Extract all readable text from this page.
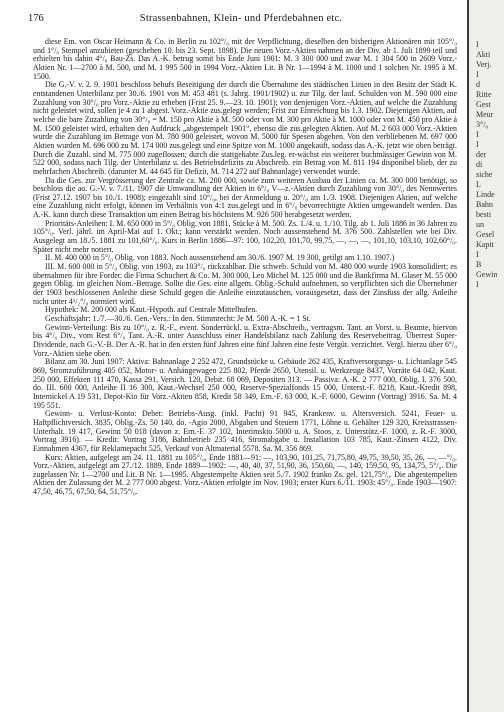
176	Strassenbahnen, Klein- und Pferdebahnen etc.

diese Em. von Oscar Heimann & Co. in Berlin zu 102°/₀ mit der Verpflichtung, dieselben den bisherigen Aktionären mit 105°/₀ und 1°/₀ Stempel anzubieten (geschehen 10. bis 23. Sept. 1898). Die neuen Vorz.-Aktien nahmen an der Div. ab 1. Juli 1899 teil und erhielten bis dahin 4°/₀ Bau-Zs. Das A.-K. betrug somit bis Ende Juni 1901: M. 3 300 000 und zwar M. 1 304 500 in 2609 Vorz.-Aktien Nr. 1—2700 à M. 500, und M. 1 995 500 in 1994 Vorz.-Aktien Lit. B Nr. 1—1994 à M. 1000 und 1 solchen Nr. 1995 à M. 1500.

Die G.-V. v. 2. 9. 1901 beschloss behufs Beseitigung der durch die Übernahme des städtischen Linien in den Besitz der Stadt K. entstandenen Unterbilanz per 30./6. 1901 von M. 453 481 (s. Jahrg. 1901/1902) u. zur Tilg. der lauf. Schulden von M. 590 000 eine Zuzahlung von 30°/₀ pro Vorz.-Aktie zu erheben (Frist 25. 9.—23. 10. 1901); von denjenigen Vorz.-Aktien, auf welche die Zuzahlung nicht geleistet wird, sollen je 4 zu 1 abgest. Vorz.-Aktie zus.gelegt werden; Frist zur Einreichung bis 1.3. 1902. Diejenigen Aktien, auf welche die bare Zuzahlung von 30°/₀ = M. 150 pro Aktie à M. 500 oder von M. 300 pro Aktie à M. 1000 oder von M. 450 pro Aktie à M. 1500 geleistet wird, erhalten den Aufdruck „abgestempelt 1901“, ebenso die zus.gelegten Aktien. Auf M. 2 603 000 Vorz.-Aktien wurde die Zuzahlung im Betrage von M. 780 900 geleistet, wovon M. 5000 für Spesen abgehen. Von den verbliebenen M. 697 000 Aktien wurden M. 696 000 zu M. 174 000 zus.gelegt und eine Spitze von M. 1000 angekauft, sodass das A.-K. jetzt wie oben beträgt. Durch die Zuzahl. sind M. 775 000 zugeflossen; durch die stattgehabte Zus.leg. er-wächst ein weiterer buchmässiger Gewinn von M. 522 000, sodass nach Tilg. der Unterbilanz u. des Betriebsdefizits zu Abschreib. ein Betrag von M. 811 194 disponibel blieb, der zu mehrfachen Abschreib. (darunter M. 44 645 für Defizit, M. 714 272 auf Bahnanlage) verwendet wurde.

Da die Ges. zur Vergrösserung der Zentrale ca. M. 200 000, sowie zum weiteren Ausbau der Linien ca. M. 300 000 benötigt, so beschloss die ao. G.-V. v. 7./11. 1907 die Umwandlung der Aktien in 6°/₀ V—z.-Aktien durch Zuzahlung von 30°/₀ des Nennwertes (Frist 27.12. 1907 bis 10./1. 1908); eingezahlt sind 10°/₀, bei der Anmeldung u. 20°/₀ am 1./3. 1908. Diejenigen Aktien, auf welche eine Zuzahlung nicht erfolgt, können im Verhältnis von 4:1 zus.gelegt und in 6°/₀ bevorrechtigte Aktien umgewandelt werden. Das A.-K. kann durch diese Transaktion um einen Betrag bis höchstens M. 926 500 herabgesetzt werden.

Prioritäts-Anleihen: I. M. 650 000 in 5°/₀ Oblig. von 1881, Stücke à M. 500. Zs. 1./4. u. 1./10. Tilg. ab 1. Juli 1886 in 36 Jahren zu 105°/₀. Verl. jährl. im April-Mai auf 1. Okt.; kann verstärkt werden. Noch aussenstehend M. 376 500. Zahlstellen wie bei Div. Ausgelegt am 18./5. 1881 zu 101,60°/₀. Kurs in Berlin 1886—97: 100, 102,20, 101,70, 99,75, —, —, —, 101,10, 103,10, 102,60°/₀. Später nicht mehr notiert.

II. M. 400 000 in 5°/₀ Oblig. von 1883. Noch aussenstehend am 30./6. 1907 M. 19 300, getilgt am 1.10. 1907.)

III. M. 600 000 in 5°/₀ Oblig. von 1903, zu 103°/₀ rückzahlbar. Die schweb. Schuld von M. 480 000 wurde 1903 konsolidiert; es übernahmen für ihre Forder. die Firma Schuchert & Co. M. 300 000, Leo Michel M. 125 000 und die Bankfirma M. Glaser M. 55 000 gegen Oblig. im gleichen Nom.-Betrage. Sollte die Ges. eine allgem. Oblig.-Schuld aufnehmen, so verpflichten sich die Übernehmer der 1903 beschlossenen Anleihe diese Schuld gegen die Anleihe einzutauschen, vorausgesetzt, dass der Zinsfuss der allg. Anleihe nicht unter 4¹/₂°/₀ normiert wird.

Hypothek: M. 200 000 als Kaut.-Hypoth. auf Centrale Mittelhufen.

Geschäftsjahr: 1./7.—30./6. Gen.-Vers.: In den. Stimmrecht: Je M. 500 A.-K. = 1 St.

Gewinn-Verteilung: Bis zu 10°/₀ z. R.-F., event. Sonderrückl. u. Extra-Abschreib., vertragsm. Tant. an Vorst. u. Beamte, hiervon bis 4°/₀ Div., vom Rest 6°/₀ Tant. A.-R. unter Ausschluss einer Handelsbilanz nach Zahlung des Reservebeitrag. Überrest Super-Dividende, nach G.-V.-B. Der A.-R. hat in den ersten fünf Jahren eine fünf Jahren eine feste Vergüt. verzichtet. Vergl. hierzu über 6°/₀ Vorz.-Aktien siehe oben.

Bilanz am 30. Juni 1907: Aktiva: Bahnanlage 2 252 472, Grundstücke u. Gebäude 262 435, Kraftversorgungs- u. Lichtanlage 545 869, Stromzuführung 405 052, Motor- u. Anhängewagen 225 802, Pferde 2650, Utensil. u. Werkzeuge 8437, Vorräte 64 042, Kaut. 250 000, Effekten 111 470, Kassa 291, Versich. 120, Debit. 68 069, Depositen 313. — Passiva: A.-K. 2 777 000, Oblig. I. 376 500, do. III. 600 000, Anleihe II 16 300, Kaut.-Wechsel 250 000, Reserve-Spezialfonds 15 000, Unterst.-F. 8218, Kaut.-Kredit 898, Internickel A 19 531, Depot-Kto für Vorz.-Aktien 858, Kredit 58 349, Ern.-F. 63 000, K.-F. 6000, Gewinn (Vortrag) 3916. Sa. M. 4 195 551.

Gewinn- u. Verlust-Konto: Debet: Betriebs-Ausg. (inkl. Pacht) 91 945, Krankenv. u. Altersversich. 5241, Feuer- u. Haftpflichtversich. 3835, Oblig.-Zs. 50 140, do. -Agio 2000, Abgaben und Steuern 1771, Löhne u. Gehälter 129 320, Kreisstrassen-Unterhalt. 19 417, Gewinn 50 018 (davon z. Ern.-F. 37 102, Interimskto 5000 u. A. Stoos, z. Unterstütz.-F. 1000, z. R.-F. 3000, Vortrag 3916). — Kredit: Vortrag 3186, Bahnbetrieb 235 416, Stromabgabe u. Installation 103 785, Kaut.-Zinsen 4122, Div. Einnahmen 4367, für Reklamepacht 525, Verkauf von Altmaterial 5578. Sa. M. 356 869.

Kurs: Aktien, aufgelegt am 24. 11. 1881 zu 105°/₀, Ende 1881—91: —, 103,90, 101,25, 71,75,80, 49,75, 39,50, 35, 26, —, —°/₀. Vorz.-Aktien, aufgelegt am 27./12. 1889. Ende 1889—1902: —, 40, 40, 37, 51,90, 36, 150,60, —, 140, 159,50, 95, 134,75, 5°/₀. Die zugelassen Nr. 1—2700 und Lit. B Nr. 1—1995. Abgestempelte Aktien seit 5./7. 1902 franko Zs. gel. 121,75°/₀. Die abgestempelten Aktien der Zulassung der M. 2 777 000 abgest. Vorz.-Aktien erfolgte im Nov. 1903; erster Kurs 6./11. 1903: 45°/₀. Ende 1903—1907: 47,50, 46,75, 67,50, 64, 51,75°/₀.

I
Akti
Verj.
I
d
Ritte
Gest
Meur
3°/₀
I
I
der
di
siche
L
Linde
Bahn
besti
un
Gesel
Kapit
I
B
Gewin
I
